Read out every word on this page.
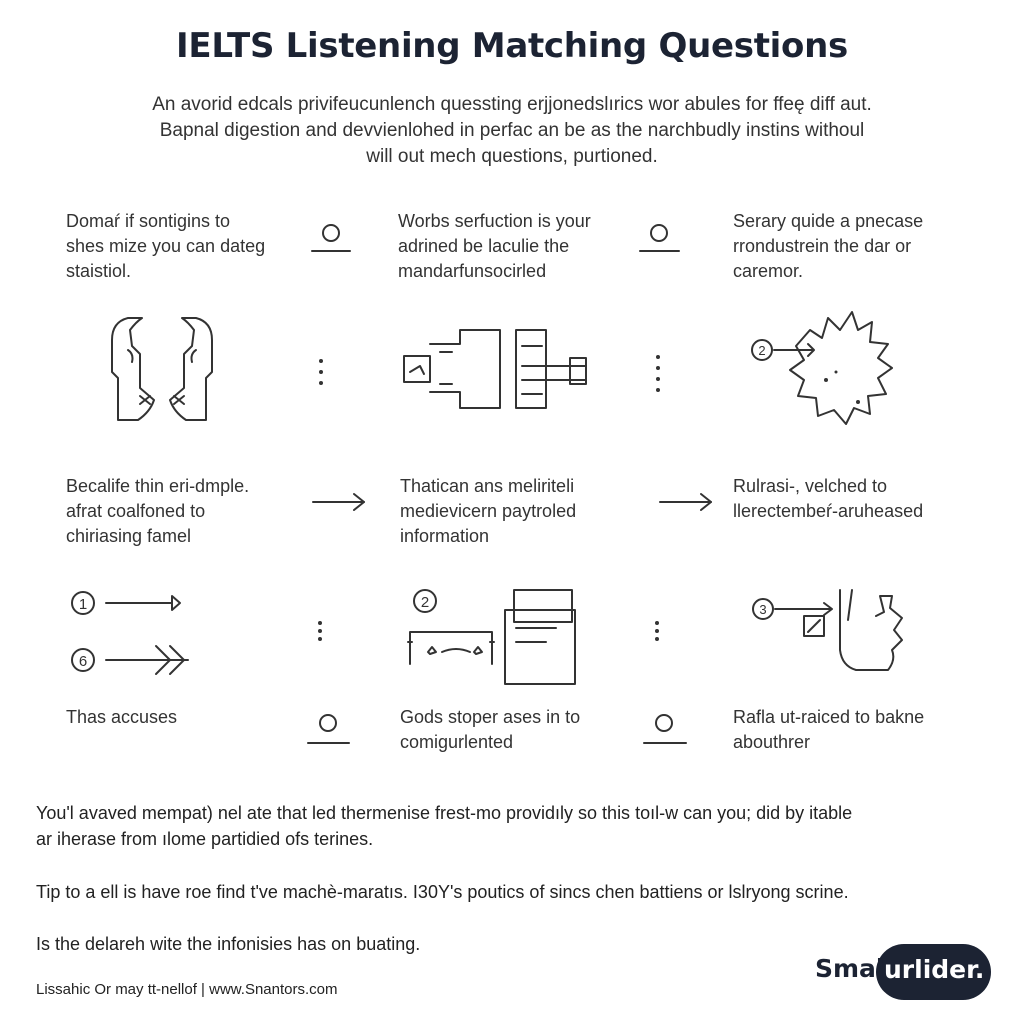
IELTS Listening Matching Questions
An avorid edcals privifeucunlench quessting erjjonedslırics wor abules for ffeę diff aut.
Bapnal digestion and devvienlohed in perfac an be as the narchbudly instins withoul
will out mech questions, purtioned.
Domaŕ if sontigins to
shes mize you can dateg
staistiol.
Worbs serfuction is your
adrined be laculie the
mandarfunsocirled
Serary quide a pnecase
rrondustrein the dar or
caremor.
Becalife thin eri-dmple.
afrat coalfoned to
chiriasing famel
Thatican ans meliriteli
medievicern paytroled
information
Rulrasi-, velched to
llerectembeŕ-aruheased
Thas accuses	Gods stoper ases in to
comigurlented
Rafla ut-raiced to bakne
abouthrer
2
1
6
2	3
You'l avaved mempat) nel ate that led thermenise frest-mo providıly so this toıl-w can you; did by itable
ar iherase from ılome partidied ofs terines.
Tip to a ell is have roe find t've machè-maratıs. I30Y's poutics of sincs chen battiens or lslryong scrine.
Is the delareh wite the infonisies has on buating.
Lissahic Or may tt-nellof | www.Snantors.com
Smak
urlider.
